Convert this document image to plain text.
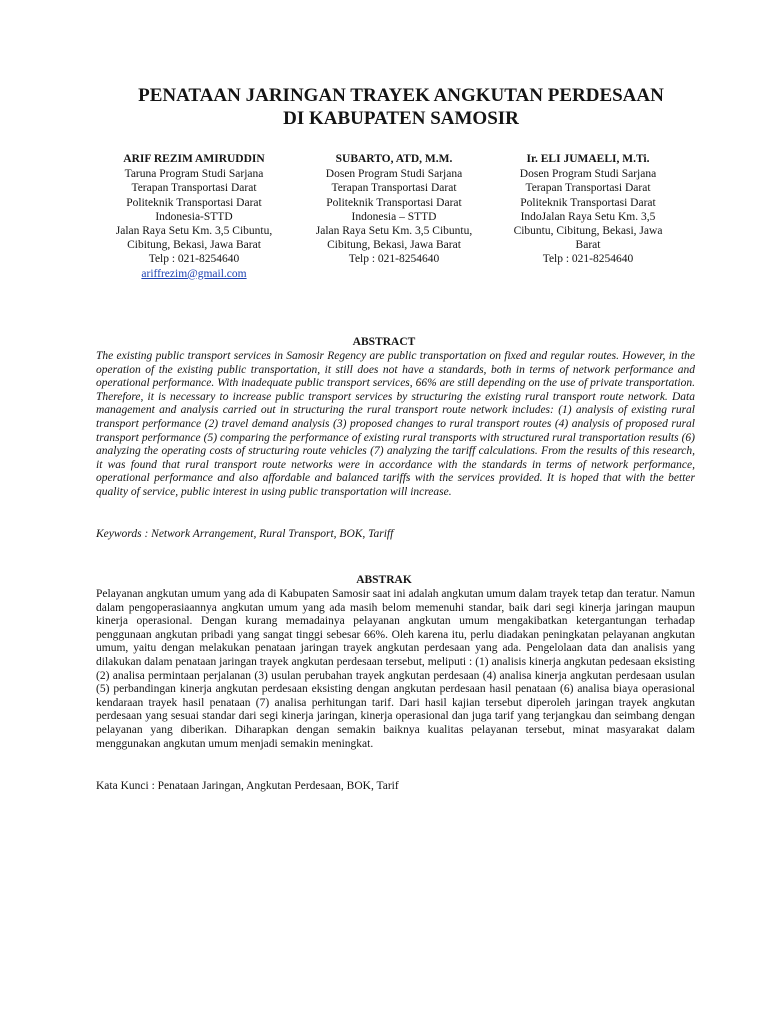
PENATAAN JARINGAN TRAYEK ANGKUTAN PERDESAAN
DI KABUPATEN SAMOSIR
ARIF REZIM AMIRUDDIN
Taruna Program Studi Sarjana
Terapan Transportasi Darat
Politeknik Transportasi Darat
Indonesia-STTD
Jalan Raya Setu Km. 3,5 Cibuntu,
Cibitung, Bekasi, Jawa Barat
Telp : 021-8254640
ariffrezim@gmail.com
SUBARTO, ATD, M.M.
Dosen Program Studi Sarjana
Terapan Transportasi Darat
Politeknik Transportasi Darat
Indonesia – STTD
Jalan Raya Setu Km. 3,5 Cibuntu,
Cibitung, Bekasi, Jawa Barat
Telp : 021-8254640
Ir. ELI JUMAELI, M.Ti.
Dosen Program Studi Sarjana
Terapan Transportasi Darat
Politeknik Transportasi Darat
IndoJalan Raya Setu Km. 3,5
Cibuntu, Cibitung, Bekasi, Jawa
Barat
Telp : 021-8254640
ABSTRACT

The existing public transport services in Samosir Regency are public transportation on fixed and regular routes. However, in the operation of the existing public transportation, it still does not have a standards, both in terms of network performance and operational performance. With inadequate public transport services, 66% are still depending on the use of private transportation. Therefore, it is necessary to increase public transport services by structuring the existing rural transport route network. Data management and analysis carried out in structuring the rural transport route network includes: (1) analysis of existing rural transport performance (2) travel demand analysis (3) proposed changes to rural transport routes (4) analysis of proposed rural transport performance (5) comparing the performance of existing rural transports with structured rural transportation results (6) analyzing the operating costs of structuring route vehicles (7) analyzing the tariff calculations. From the results of this research, it was found that rural transport route networks were in accordance with the standards in terms of network performance, operational performance and also affordable and balanced tariffs with the services provided. It is hoped that with the better quality of service, public interest in using public transportation will increase.

Keywords : Network Arrangement, Rural Transport, BOK, Tariff

ABSTRAK

Pelayanan angkutan umum yang ada di Kabupaten Samosir saat ini adalah angkutan umum dalam trayek tetap dan teratur. Namun dalam pengoperasiaannya angkutan umum yang ada masih belom memenuhi standar, baik dari segi kinerja jaringan maupun kinerja operasional. Dengan kurang memadainya pelayanan angkutan umum mengakibatkan ketergantungan terhadap penggunaan angkutan pribadi yang sangat tinggi sebesar 66%. Oleh karena itu, perlu diadakan peningkatan pelayanan angkutan umum, yaitu dengan melakukan penataan jaringan trayek angkutan perdesaan yang ada. Pengelolaan data dan analisis yang dilakukan dalam penataan jaringan trayek angkutan perdesaan tersebut, meliputi : (1) analisis kinerja angkutan pedesaan eksisting (2) analisa permintaan perjalanan (3) usulan perubahan trayek angkutan perdesaan (4) analisa kinerja angkutan perdesaan usulan (5) perbandingan kinerja angkutan perdesaan eksisting dengan angkutan perdesaan hasil penataan (6) analisa biaya operasional kendaraan trayek hasil penataan (7) analisa perhitungan tarif. Dari hasil kajian tersebut diperoleh jaringan trayek angkutan perdesaan yang sesuai standar dari segi kinerja jaringan, kinerja operasional dan juga tarif yang terjangkau dan seimbang dengan pelayanan yang diberikan. Diharapkan dengan semakin baiknya kualitas pelayanan tersebut, minat masyarakat dalam menggunakan angkutan umum menjadi semakin meningkat.

Kata Kunci : Penataan Jaringan, Angkutan Perdesaan, BOK, Tarif
